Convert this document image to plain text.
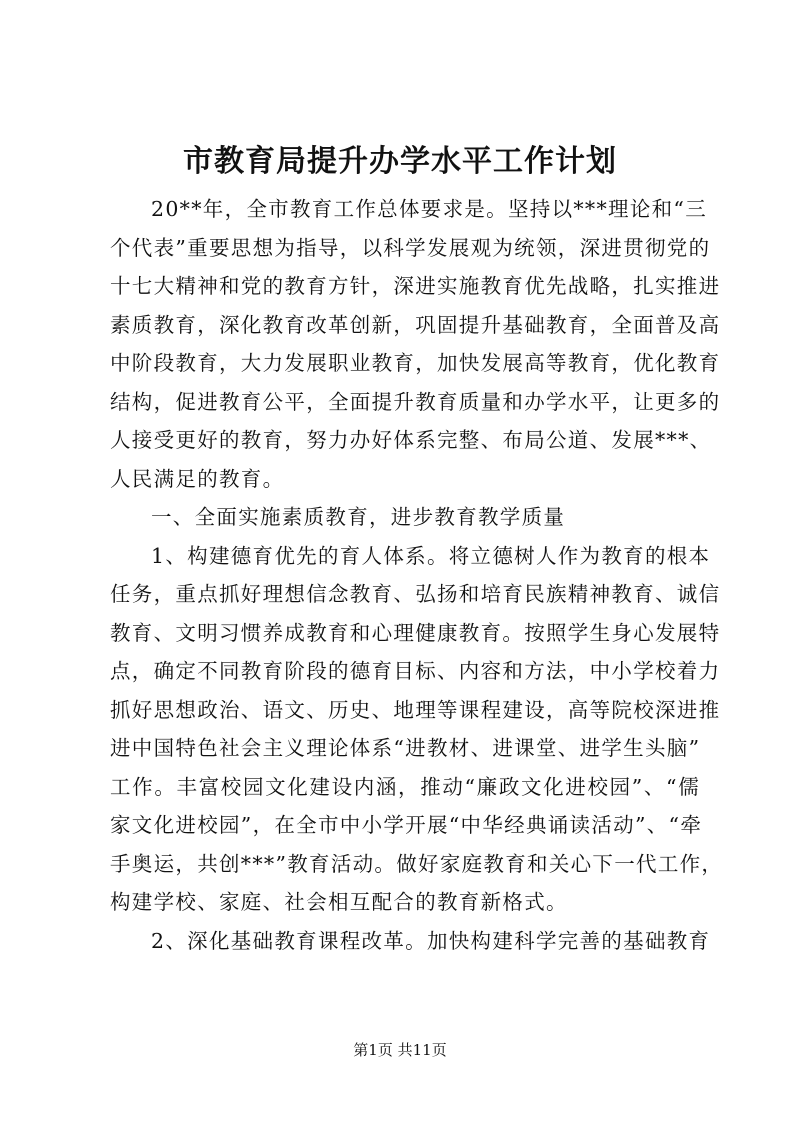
市教育局提升办学水平工作计划
20**年，全市教育工作总体要求是。坚持以***理论和“三
个代表”重要思想为指导，以科学发展观为统领，深进贯彻党的
十七大精神和党的教育方针，深进实施教育优先战略，扎实推进
素质教育，深化教育改革创新，巩固提升基础教育，全面普及高
中阶段教育，大力发展职业教育，加快发展高等教育，优化教育
结构，促进教育公平，全面提升教育质量和办学水平，让更多的
人接受更好的教育，努力办好体系完整、布局公道、发展***、
人民满足的教育。
一、全面实施素质教育，进步教育教学质量
1、构建德育优先的育人体系。将立德树人作为教育的根本
任务，重点抓好理想信念教育、弘扬和培育民族精神教育、诚信
教育、文明习惯养成教育和心理健康教育。按照学生身心发展特
点，确定不同教育阶段的德育目标、内容和方法，中小学校着力
抓好思想政治、语文、历史、地理等课程建设，高等院校深进推
进中国特色社会主义理论体系“进教材、进课堂、进学生头脑”
工作。丰富校园文化建设内涵，推动“廉政文化进校园”、“儒
家文化进校园”，在全市中小学开展“中华经典诵读活动”、“牵
手奥运，共创***”教育活动。做好家庭教育和关心下一代工作，
构建学校、家庭、社会相互配合的教育新格式。
2、深化基础教育课程改革。加快构建科学完善的基础教育
第1页 共11页
